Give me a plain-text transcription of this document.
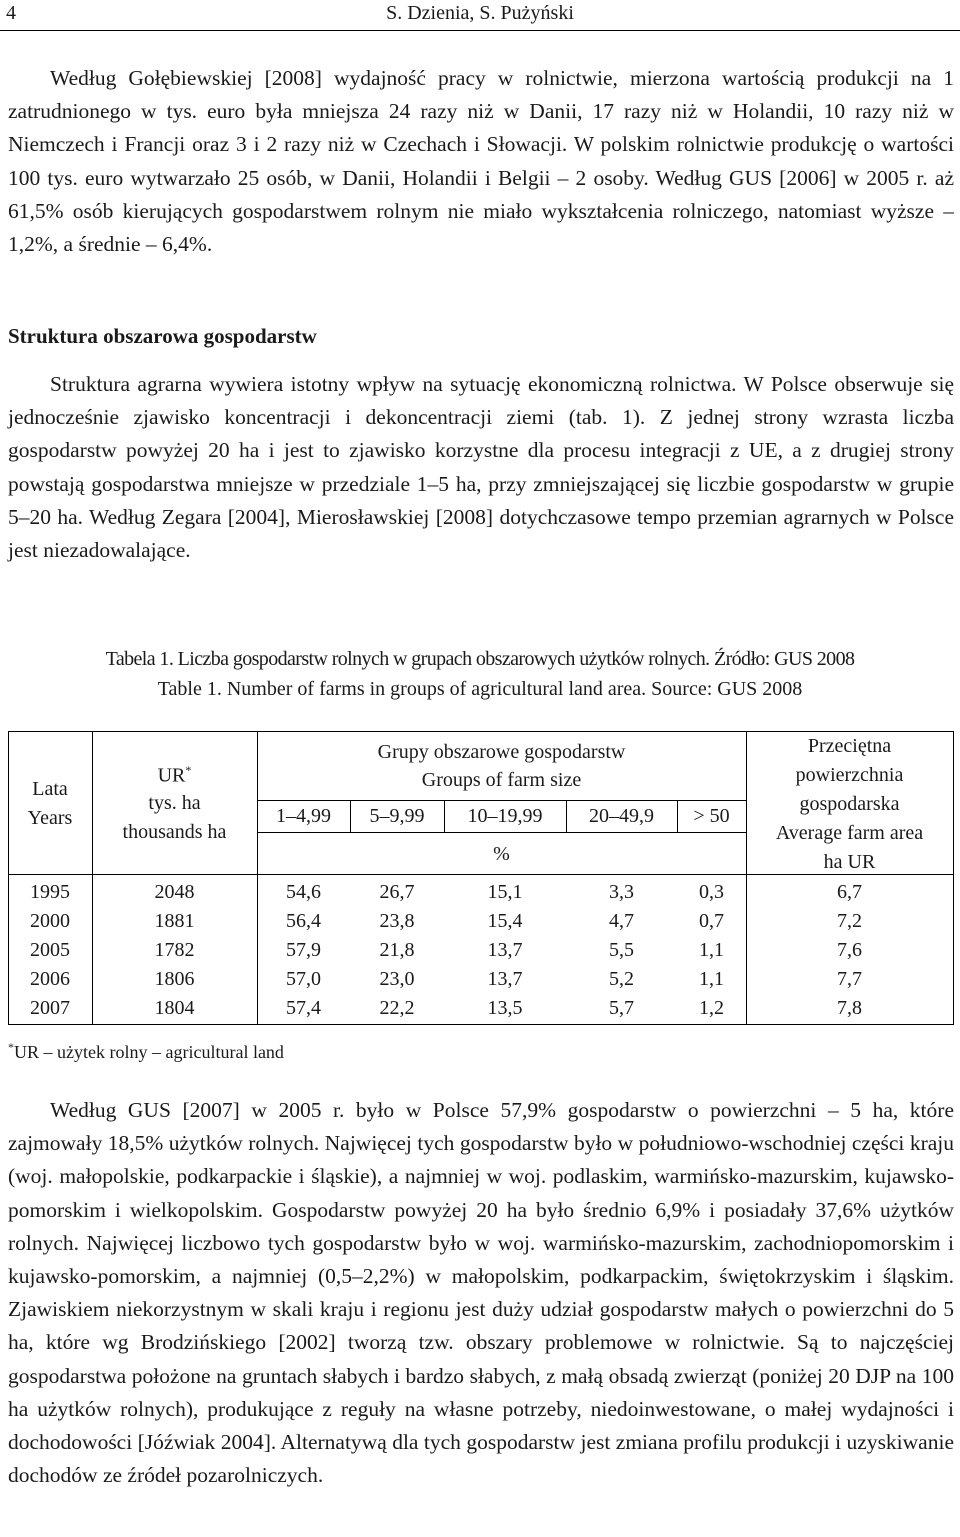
4	S. Dzienia, S. Pużyński
Według Gołębiewskiej [2008] wydajność pracy w rolnictwie, mierzona wartością produkcji na 1 zatrudnionego w tys. euro była mniejsza 24 razy niż w Danii, 17 razy niż w Holandii, 10 razy niż w Niemczech i Francji oraz 3 i 2 razy niż w Czechach i Słowacji. W polskim rolnictwie produkcję o wartości 100 tys. euro wytwarzało 25 osób, w Danii, Holandii i Belgii – 2 osoby. Według GUS [2006] w 2005 r. aż 61,5% osób kierujących gospodarstwem rolnym nie miało wykształcenia rolniczego, natomiast wyższe – 1,2%, a średnie – 6,4%.
Struktura obszarowa gospodarstw
Struktura agrarna wywiera istotny wpływ na sytuację ekonomiczną rolnictwa. W Polsce obserwuje się jednocześnie zjawisko koncentracji i dekoncentracji ziemi (tab. 1). Z jednej strony wzrasta liczba gospodarstw powyżej 20 ha i jest to zjawisko korzystne dla procesu integracji z UE, a z drugiej strony powstają gospodarstwa mniejsze w przedziale 1–5 ha, przy zmniejszającej się liczbie gospodarstw w grupie 5–20 ha. Według Zegara [2004], Mierosławskiej [2008] dotychczasowe tempo przemian agrarnych w Polsce jest niezadowalające.
Tabela 1. Liczba gospodarstw rolnych w grupach obszarowych użytków rolnych. Źródło: GUS 2008
Table 1. Number of farms in groups of agricultural land area. Source: GUS 2008
Lata
Years
UR*
tys. ha
thousands ha
Grupy obszarowe gospodarstw
Groups of farm size
1–4,99	5–9,99	10–19,99	20–49,9	> 50
%
Przeciętna
powierzchnia
gospodarska
Average farm area
ha UR
1995	2048	54,6	26,7	15,1	3,3	0,3	6,7
2000	1881	56,4	23,8	15,4	4,7	0,7	7,2
2005	1782	57,9	21,8	13,7	5,5	1,1	7,6
2006	1806	57,0	23,0	13,7	5,2	1,1	7,7
2007	1804	57,4	22,2	13,5	5,7	1,2	7,8
*UR – użytek rolny – agricultural land
Według GUS [2007] w 2005 r. było w Polsce 57,9% gospodarstw o powierzchni – 5 ha, które zajmowały 18,5% użytków rolnych. Najwięcej tych gospodarstw było w południowo-wschodniej części kraju (woj. małopolskie, podkarpackie i śląskie), a najmniej w woj. podlaskim, warmińsko-mazurskim, kujawsko-pomorskim i wielkopolskim. Gospodarstw powyżej 20 ha było średnio 6,9% i posiadały 37,6% użytków rolnych. Najwięcej liczbowo tych gospodarstw było w woj. warmińsko-mazurskim, zachodniopomorskim i kujawsko-pomorskim, a najmniej (0,5–2,2%) w małopolskim, podkarpackim, świętokrzyskim i śląskim. Zjawiskiem niekorzystnym w skali kraju i regionu jest duży udział gospodarstw małych o powierzchni do 5 ha, które wg Brodzińskiego [2002] tworzą tzw. obszary problemowe w rolnictwie. Są to najczęściej gospodarstwa położone na gruntach słabych i bardzo słabych, z małą obsadą zwierząt (poniżej 20 DJP na 100 ha użytków rolnych), produkujące z reguły na własne potrzeby, niedoinwestowane, o małej wydajności i dochodowości [Jóźwiak 2004]. Alternatywą dla tych gospodarstw jest zmiana profilu produkcji i uzyskiwanie dochodów ze źródeł pozarolniczych.
